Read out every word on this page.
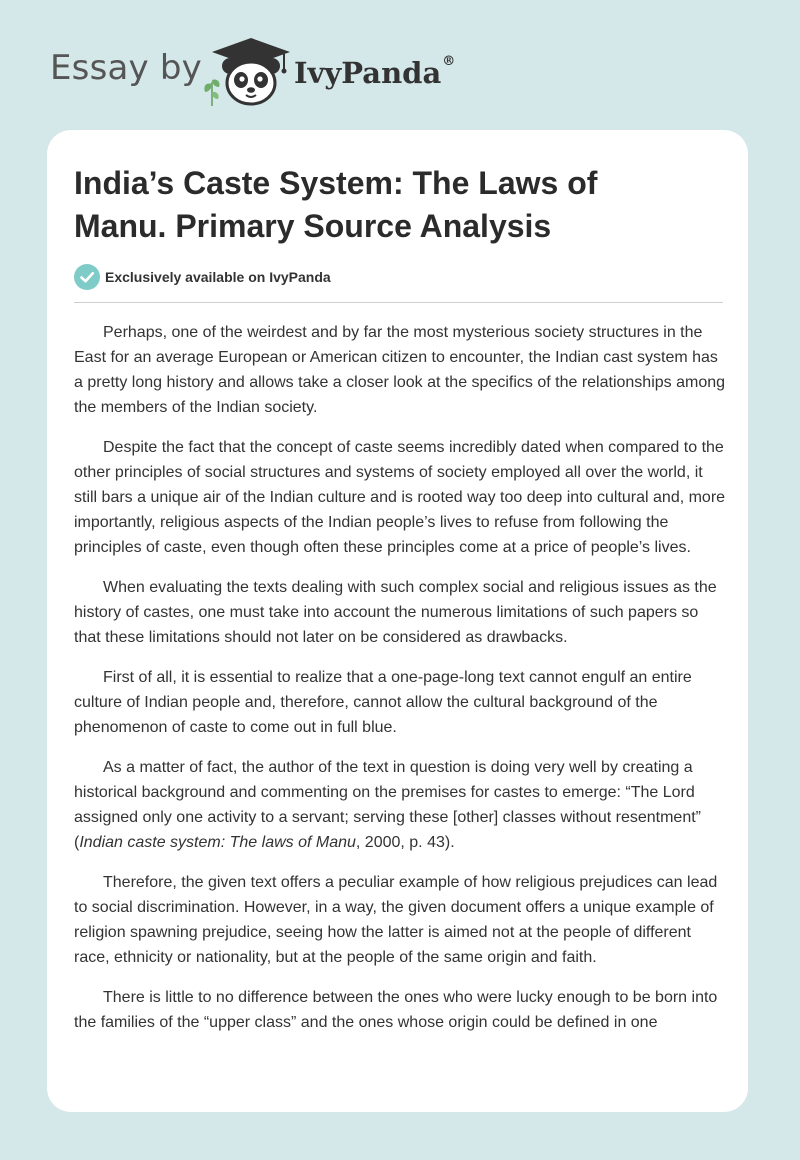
Essay by	IvyPanda®
India’s Caste System: The Laws of Manu. Primary Source Analysis
Exclusively available on IvyPanda

Perhaps, one of the weirdest and by far the most mysterious society structures in the East for an average European or American citizen to encounter, the Indian cast system has a pretty long history and allows take a closer look at the specifics of the relationships among the members of the Indian society.

Despite the fact that the concept of caste seems incredibly dated when compared to the other principles of social structures and systems of society employed all over the world, it still bars a unique air of the Indian culture and is rooted way too deep into cultural and, more importantly, religious aspects of the Indian people’s lives to refuse from following the principles of caste, even though often these principles come at a price of people’s lives.

When evaluating the texts dealing with such complex social and religious issues as the history of castes, one must take into account the numerous limitations of such papers so that these limitations should not later on be considered as drawbacks.

First of all, it is essential to realize that a one-page-long text cannot engulf an entire culture of Indian people and, therefore, cannot allow the cultural background of the phenomenon of caste to come out in full blue.

As a matter of fact, the author of the text in question is doing very well by creating a historical background and commenting on the premises for castes to emerge: “The Lord assigned only one activity to a servant; serving these [other] classes without resentment” (Indian caste system: The laws of Manu, 2000, p. 43).

Therefore, the given text offers a peculiar example of how religious prejudices can lead to social discrimination. However, in a way, the given document offers a unique example of religion spawning prejudice, seeing how the latter is aimed not at the people of different race, ethnicity or nationality, but at the people of the same origin and faith.

There is little to no difference between the ones who were lucky enough to be born into the families of the “upper class” and the ones whose origin could be defined in one
